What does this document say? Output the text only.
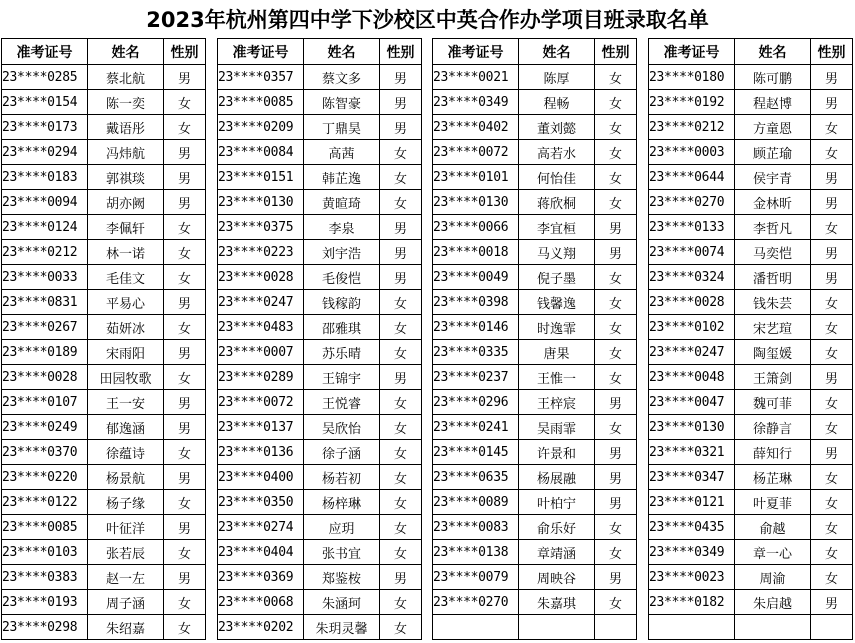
2023年杭州第四中学下沙校区中英合作办学项目班录取名单
准考证号	姓名	性别
23****0285	蔡北航	男
23****0154	陈一奕	女
23****0173	戴语彤	女
23****0294	冯炜航	男
23****0183	郭祺琰	男
23****0094	胡亦阙	男
23****0124	李佩轩	女
23****0212	林一诺	女
23****0033	毛佳文	女
23****0831	平易心	男
23****0267	茹妍冰	女
23****0189	宋雨阳	男
23****0028	田园牧歌	女
23****0107	王一安	男
23****0249	郁逸涵	男
23****0370	徐蕴诗	女
23****0220	杨景航	男
23****0122	杨子缘	女
23****0085	叶征洋	男
23****0103	张若辰	女
23****0383	赵一左	男
23****0193	周子涵	女
23****0298	朱绍嘉	女
准考证号	姓名	性别
23****0357	蔡文多	男
23****0085	陈智豪	男
23****0209	丁鼎昊	男
23****0084	高茜	女
23****0151	韩芷逸	女
23****0130	黄暄琦	女
23****0375	李泉	男
23****0223	刘宇浩	男
23****0028	毛俊恺	男
23****0247	钱稼韵	女
23****0483	邵雅琪	女
23****0007	苏乐晴	女
23****0289	王锦宇	男
23****0072	王悦睿	女
23****0137	吴欣怡	女
23****0136	徐子涵	女
23****0400	杨若初	女
23****0350	杨梓琳	女
23****0274	应玥	女
23****0404	张书宜	女
23****0369	郑鉴桉	男
23****0068	朱涵珂	女
23****0202	朱玥灵馨	女
准考证号	姓名	性别
23****0021	陈厚	女
23****0349	程畅	女
23****0402	董刘懿	女
23****0072	高若水	女
23****0101	何怡佳	女
23****0130	蒋欣桐	女
23****0066	李宜桓	男
23****0018	马义翔	男
23****0049	倪子墨	女
23****0398	钱馨逸	女
23****0146	时逸霏	女
23****0335	唐果	女
23****0237	王惟一	女
23****0296	王梓宸	男
23****0241	吴雨霏	女
23****0145	许景和	男
23****0635	杨展融	男
23****0089	叶柏宁	男
23****0083	俞乐好	女
23****0138	章靖涵	女
23****0079	周映谷	男
23****0270	朱嘉琪	女

准考证号	姓名	性别
23****0180	陈可鹏	男
23****0192	程赵博	男
23****0212	方童恩	女
23****0003	顾芷瑜	女
23****0644	侯宇青	男
23****0270	金林昕	男
23****0133	李哲凡	女
23****0074	马奕恺	男
23****0324	潘哲明	男
23****0028	钱朱芸	女
23****0102	宋艺瑄	女
23****0247	陶玺媛	女
23****0048	王箫剑	男
23****0047	魏可菲	女
23****0130	徐静言	女
23****0321	薛知行	男
23****0347	杨芷琳	女
23****0121	叶夏菲	女
23****0435	俞越	女
23****0349	章一心	女
23****0023	周渝	女
23****0182	朱启越	男
